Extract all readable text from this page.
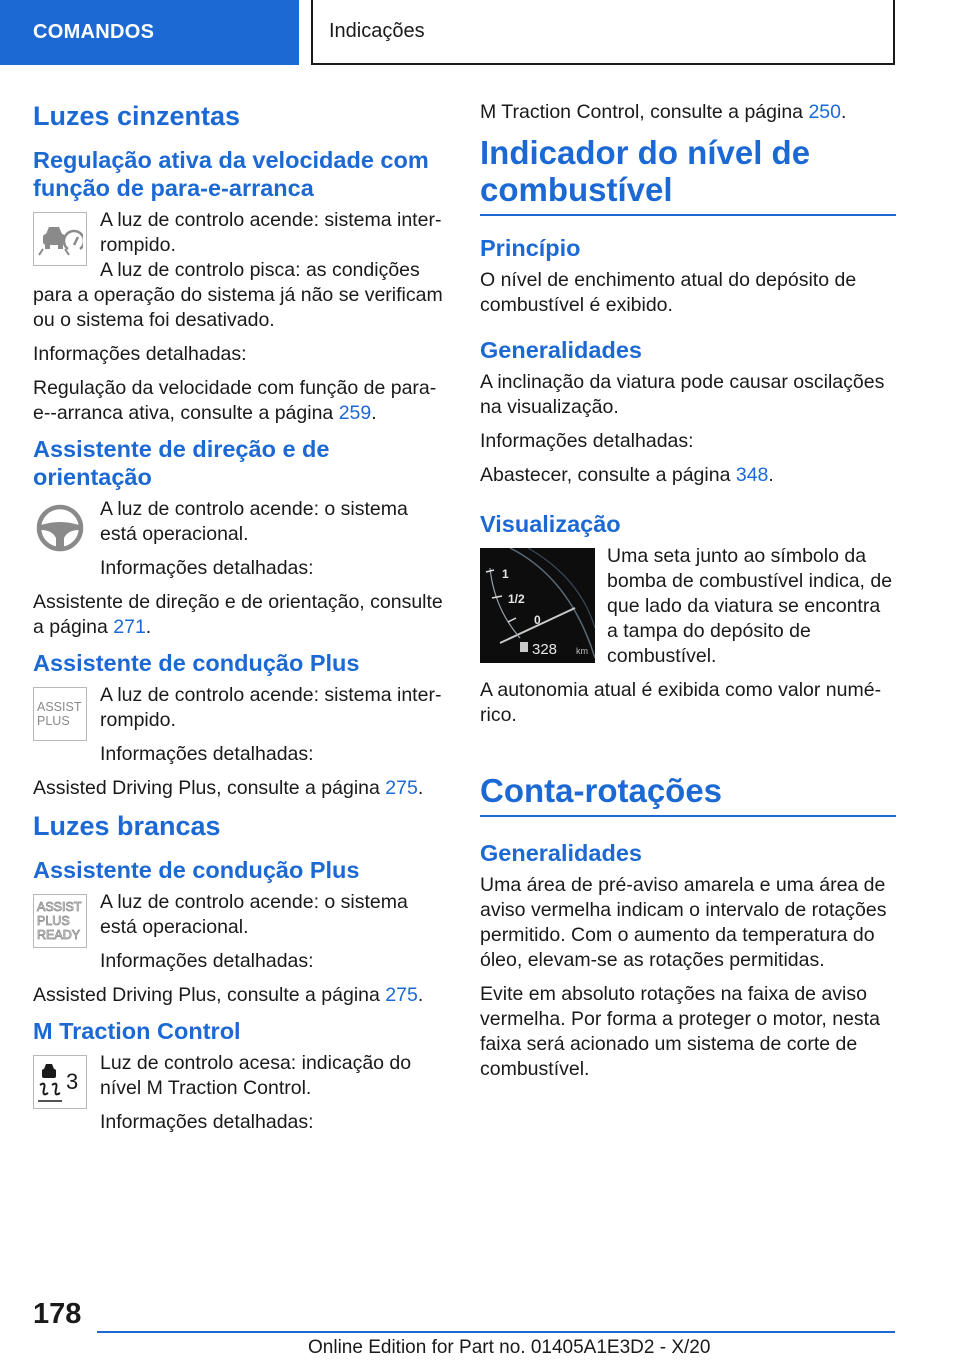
COMANDOS	Indicações
Luzes cinzentas
Regulação ativa da velocidade com função de para-e-arranca

A luz de controlo acende: sistema interrompido.

A luz de controlo pisca: as condições para a operação do sistema já não se verificam ou o sistema foi desativado.

Informações detalhadas:

Regulação da velocidade com função de para-e--arranca ativa, consulte a página 259.

Assistente de direção e de orientação

A luz de controlo acende: o sistema está operacional.

Informações detalhadas:

Assistente de direção e de orientação, consulte a página 271.

Assistente de condução Plus
ASSIST
PLUS

A luz de controlo acende: sistema interrompido.

Informações detalhadas:

Assisted Driving Plus, consulte a página 275.

Luzes brancas
Assistente de condução Plus
ASSIST
PLUS
READY

A luz de controlo acende: o sistema está operacional.

Informações detalhadas:

Assisted Driving Plus, consulte a página 275.

M Traction Control
3

Luz de controlo acesa: indicação do nível M Traction Control.

Informações detalhadas:

M Traction Control, consulte a página 250.

Indicador do nível de combustível
Princípio

O nível de enchimento atual do depósito de combustível é exibido.

Generalidades

A inclinação da viatura pode causar oscilações na visualização.

Informações detalhadas:

Abastecer, consulte a página 348.

Visualização
1
1/2
0
328 km

Uma seta junto ao símbolo da bomba de combustível indica, de que lado da viatura se encontra a tampa do depósito de combustível.

A autonomia atual é exibida como valor numérico.

Conta-rotações
Generalidades

Uma área de pré-aviso amarela e uma área de aviso vermelha indicam o intervalo de rotações permitido. Com o aumento da temperatura do óleo, elevam-se as rotações permitidas.

Evite em absoluto rotações na faixa de aviso vermelha. Por forma a proteger o motor, nesta faixa será acionado um sistema de corte de combustível.

178
Online Edition for Part no. 01405A1E3D2 - X/20
